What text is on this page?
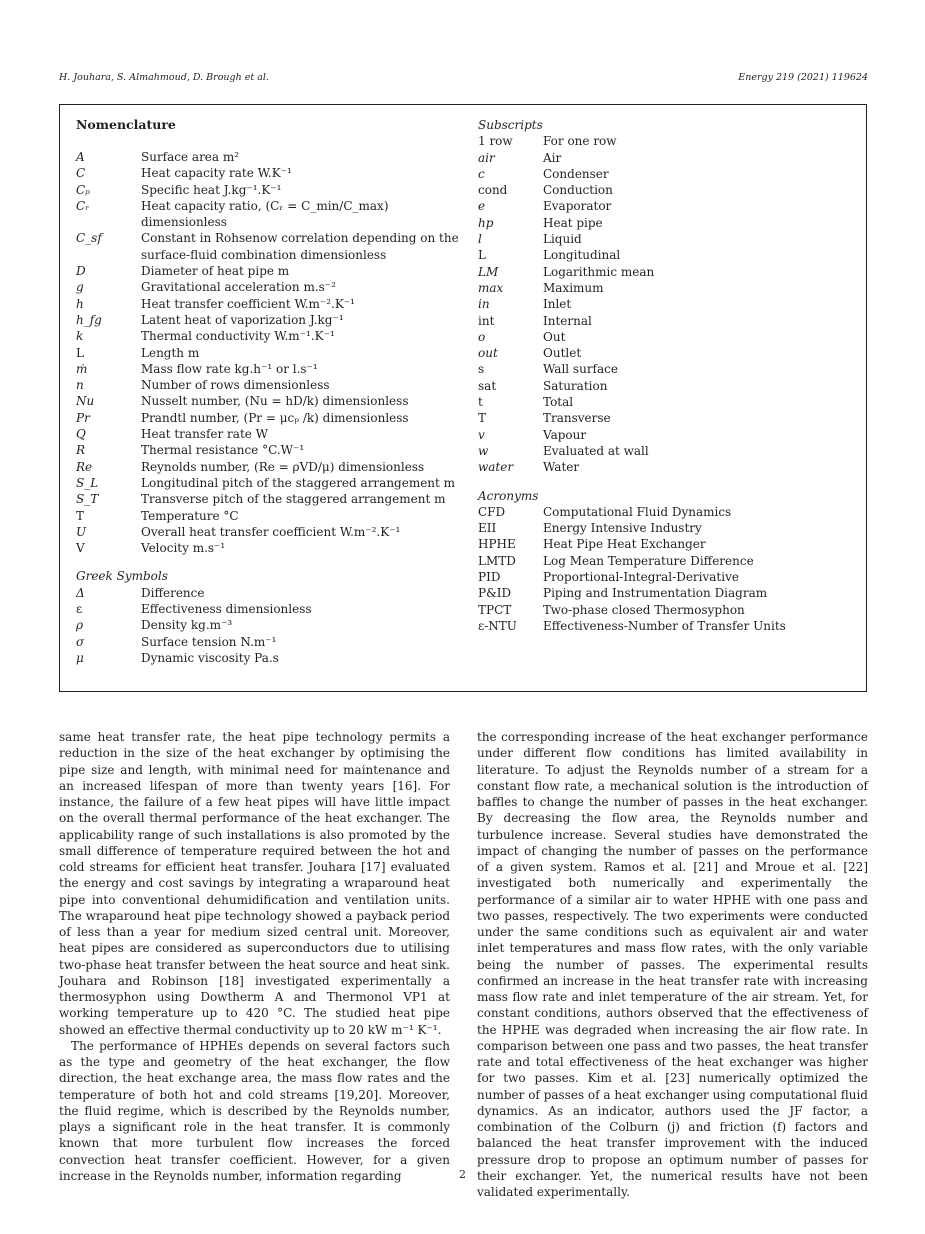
H. Jouhara, S. Almahmoud, D. Brough et al.	Energy 219 (2021) 119624
Nomenclature
A	Surface area m²
C	Heat capacity rate W.K⁻¹
Cₚ	Specific heat J.kg⁻¹.K⁻¹
Cᵣ	Heat capacity ratio, (Cᵣ = C_min/C_max) dimensionless
C_sf	Constant in Rohsenow correlation depending on the surface-fluid combination dimensionless
D	Diameter of heat pipe m
g	Gravitational acceleration m.s⁻²
h	Heat transfer coefficient W.m⁻².K⁻¹
h_fg	Latent heat of vaporization J.kg⁻¹
k	Thermal conductivity W.m⁻¹.K⁻¹
L	Length m
ṁ	Mass flow rate kg.h⁻¹ or l.s⁻¹
n	Number of rows dimensionless
Nu	Nusselt number, (Nu = hD/k) dimensionless
Pr	Prandtl number, (Pr = μcₚ /k) dimensionless
Q	Heat transfer rate W
R	Thermal resistance °C.W⁻¹
Re	Reynolds number, (Re = ρVD/μ) dimensionless
S_L	Longitudinal pitch of the staggered arrangement m
S_T	Transverse pitch of the staggered arrangement m
T	Temperature °C
U	Overall heat transfer coefficient W.m⁻².K⁻¹
V	Velocity m.s⁻¹
Greek Symbols
Δ	Difference
ε	Effectiveness dimensionless
ρ	Density kg.m⁻³
σ	Surface tension N.m⁻¹
μ	Dynamic viscosity Pa.s
Subscripts
1 row	For one row
air	Air
c	Condenser
cond	Conduction
e	Evaporator
hp	Heat pipe
l	Liquid
L	Longitudinal
LM	Logarithmic mean
max	Maximum
in	Inlet
int	Internal
o	Out
out	Outlet
s	Wall surface
sat	Saturation
t	Total
T	Transverse
v	Vapour
w	Evaluated at wall
water	Water
Acronyms
CFD	Computational Fluid Dynamics
EII	Energy Intensive Industry
HPHE	Heat Pipe Heat Exchanger
LMTD	Log Mean Temperature Difference
PID	Proportional-Integral-Derivative
P&ID	Piping and Instrumentation Diagram
TPCT	Two-phase closed Thermosyphon
ε-NTU	Effectiveness-Number of Transfer Units

same heat transfer rate, the heat pipe technology permits a reduction in the size of the heat exchanger by optimising the pipe size and length, with minimal need for maintenance and an increased lifespan of more than twenty years [16]. For instance, the failure of a few heat pipes will have little impact on the overall thermal performance of the heat exchanger. The applicability range of such installations is also promoted by the small difference of temperature required between the hot and cold streams for efficient heat transfer. Jouhara [17] evaluated the energy and cost savings by integrating a wraparound heat pipe into conventional dehumidification and ventilation units. The wraparound heat pipe technology showed a payback period of less than a year for medium sized central unit. Moreover, heat pipes are considered as superconductors due to utilising two-phase heat transfer between the heat source and heat sink. Jouhara and Robinson [18] investigated experimentally a thermosyphon using Dowtherm A and Thermonol VP1 at working temperature up to 420 °C. The studied heat pipe showed an effective thermal conductivity up to 20 kW m⁻¹ K⁻¹.

The performance of HPHEs depends on several factors such as the type and geometry of the heat exchanger, the flow direction, the heat exchange area, the mass flow rates and the temperature of both hot and cold streams [19,20]. Moreover, the fluid regime, which is described by the Reynolds number, plays a significant role in the heat transfer. It is commonly known that more turbulent flow increases the forced convection heat transfer coefficient. However, for a given increase in the Reynolds number, information regarding

the corresponding increase of the heat exchanger performance under different flow conditions has limited availability in literature. To adjust the Reynolds number of a stream for a constant flow rate, a mechanical solution is the introduction of baffles to change the number of passes in the heat exchanger. By decreasing the flow area, the Reynolds number and turbulence increase. Several studies have demonstrated the impact of changing the number of passes on the performance of a given system. Ramos et al. [21] and Mroue et al. [22] investigated both numerically and experimentally the performance of a similar air to water HPHE with one pass and two passes, respectively. The two experiments were conducted under the same conditions such as equivalent air and water inlet temperatures and mass flow rates, with the only variable being the number of passes. The experimental results confirmed an increase in the heat transfer rate with increasing mass flow rate and inlet temperature of the air stream. Yet, for constant conditions, authors observed that the effectiveness of the HPHE was degraded when increasing the air flow rate. In comparison between one pass and two passes, the heat transfer rate and total effectiveness of the heat exchanger was higher for two passes. Kim et al. [23] numerically optimized the number of passes of a heat exchanger using computational fluid dynamics. As an indicator, authors used the JF factor, a combination of the Colburn (j) and friction (f) factors and balanced the heat transfer improvement with the induced pressure drop to propose an optimum number of passes for their exchanger. Yet, the numerical results have not been validated experimentally.

2
